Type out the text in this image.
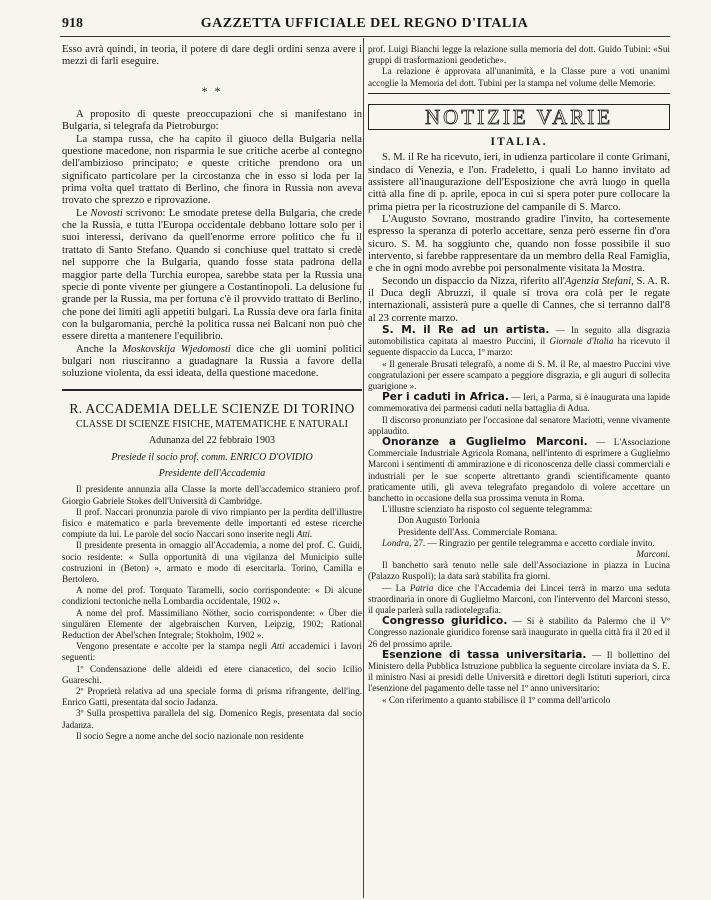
918	GAZZETTA UFFICIALE DEL REGNO D'ITALIA

Esso avrà quindi, in teoria, il potere di dare degli ordini senza avere i mezzi di farli eseguire.

* *

A proposito di queste preoccupazioni che si manifestano in Bulgaria, si telegrafa da Pietroburgo:

La stampa russa, che ha capito il giuoco della Bulgaria nella questione macedone, non risparmia le sue critiche acerbe al contegno dell'ambizioso principato; e queste critiche prendono ora un significato particolare per la circostanza che in esso si loda per la prima volta quel trattato di Berlino, che finora in Russia non aveva trovato che sprezzo e riprovazione.

Le Novosti scrivono: Le smodate pretese della Bulgaria, che crede che la Russia, e tutta l'Europa occidentale debbano lottare solo per i suoi interessi, derivano da quell'enorme errore politico che fu il trattato di Santo Stefano. Quando si conchiuse quel trattato si credè nel supporre che la Bulgaria, quando fosse stata padrona della maggior parte della Turchia europea, sarebbe stata per la Russia una specie di ponte vivente per giungere a Costantinopoli. La delusione fu grande per la Russia, ma per fortuna c'è il provvido trattato di Berlino, che pone dei limiti agli appetiti bulgari. La Russia deve ora farla finita con la bulgaromania, perchè la politica russa nei Balcani non può che essere diretta a mantenere l'equilibrio.

Anche la Moskovskija Wjedomosti dice che gli uomini politici bulgari non riusciranno a guadagnare la Russia a favore della soluzione violenta, da essi ideata, della questione macedone.

R. ACCADEMIA DELLE SCIENZE DI TORINO
CLASSE DI SCIENZE FISICHE, MATEMATICHE E NATURALI
Adunanza del 22 febbraio 1903
Presiede il socio prof. comm. ENRICO D'OVIDIO
Presidente dell'Accademia

Il presidente annunzia alla Classe la morte dell'accademico straniero prof. Giorgio Gabriele Stokes dell'Università di Cambridge.

Il prof. Naccari pronunzia parole di vivo rimpianto per la perdita dell'illustre fisico e matematico e parla brevemente delle importanti ed estese ricerche compiute da lui. Le parole del socio Naccari sono inserite negli Atti.

Il presidente presenta in omaggio all'Accademia, a nome del prof. C. Guidi, socio residente: « Sulla opportunità di una vigilanza del Municipio sulle costruzioni in (Beton) », armato e modo di esercitarla. Torino, Camilla e Bertolero.

A nome del prof. Torquato Taramelli, socio corrispondente: « Di alcune condizioni tectoniche nella Lombardia occidentale, 1902 ».

A nome del prof. Massimiliano Nöther, socio corrispondente: « Über die singulären Elemente der algebraischen Kurven, Leipzig, 1902; Rational Reduction der Abel'schen Integrale; Stokholm, 1902 ».

Vengono presentate e accolte per la stampa negli Atti accademici i lavori seguenti:

1º Condensazione delle aldeidi ed etere cianacetico, del socio Icilio Guareschi.

2º Proprietà relativa ad una speciale forma di prisma rifrangente, dell'ing. Enrico Gatti, presentata dal socio Jadanza.

3º Sulla prospettiva parallela del sig. Domenico Regis, presentata dal socio Jadanza.

Il socio Segre a nome anche del socio nazionale non residente

prof. Luigi Bianchi legge la relazione sulla memoria del dott. Guido Tubini: «Sui gruppi di trasformazioni geodetiche».

La relazione è approvata all'unanimità, e la Classe pure a voti unanimi accoglie la Memoria del dott. Tubini per la stampa nel volume delle Memorie.

NOTIZIE VARIE
ITALIA.

S. M. il Re ha ricevuto, ieri, in udienza particolare il conte Grimani, sindaco di Venezia, e l'on. Fradeletto, i quali Lo hanno invitato ad assistere all'inaugurazione dell'Esposizione che avrà luogo in quella città alla fine di p. aprile, epoca in cui si spera poter pure collocare la prima pietra per la ricostruzione del campanile di S. Marco.

L'Augusto Sovrano, mostrando gradire l'invito, ha cortesemente espresso la speranza di poterlo accettare, senza però esserne fin d'ora sicuro. S. M. ha soggiunto che, quando non fosse possibile il suo intervento, si farebbe rappresentare da un membro della Real Famiglia, e che in ogni modo avrebbe poi personalmente visitata la Mostra.

Secondo un dispaccio da Nizza, riferito all'Agenzia Stefani, S. A. R. il Duca degli Abruzzi, il quale si trova ora colà per le regate internazionali, assisterà pure a quelle di Cannes, che si terranno dall'8 al 23 corrente marzo.

S. M. il Re ad un artista. — In seguito alla disgrazia automobilistica capitata al maestro Puccini, il Giornale d'Italia ha ricevuto il seguente dispaccio da Lucca, 1º marzo:

« Il generale Brusati telegrafò, a nome di S. M. il Re, al maestro Puccini vive congratulazioni per essere scampato a peggiore disgrazia, e gli auguri di sollecita guarigione ».

Per i caduti in Africa. — Ieri, a Parma, si è inaugurata una lapide commemorativa dei parmensi caduti nella battaglia di Adua.

Il discorso pronunziato per l'occasione dal senatore Mariotti, venne vivamente applaudito.

Onoranze a Guglielmo Marconi. — L'Associazione Commerciale Industriale Agricola Romana, nell'intento di esprimere a Guglielmo Marconi i sentimenti di ammirazione e di riconoscenza delle classi commerciali e industriali per le sue scoperte altrettanto grandi scientificamente quanto praticamente utili, gli aveva telegrafato pregandolo di volere accettare un banchetto in occasione della sua prossima venuta in Roma.

L'illustre scienziato ha risposto col seguente telegramma:

Don Augusto Torlonia

Presidente dell'Ass. Commerciale Romana.

Londra, 27. — Ringrazio per gentile telegramma e accetto cordiale invito.

Marconi.

Il banchetto sarà tenuto nelle sale dell'Associazione in piazza in Lucina (Palazzo Ruspoli); la data sarà stabilita fra giorni.

— La Patria dice che l'Accademia dei Lincei terrà in marzo una seduta straordinaria in onore di Guglielmo Marconi, con l'intervento del Marconi stesso, il quale parlerà sulla radiotelegrafia.

Congresso giuridico. — Si è stabilito da Palermo che il Vº Congresso nazionale giuridico forense sarà inaugurato in quella città fra il 20 ed il 26 del prossimo aprile.

Esenzione di tassa universitaria. — Il bollettino del Ministero della Pubblica Istruzione pubblica la seguente circolare inviata da S. E. il ministro Nasi ai presidi delle Università e direttori degli Istituti superiori, circa l'esenzione del pagamento delle tasse nel 1º anno universitario:

« Con riferimento a quanto stabilisce il 1º comma dell'articolo
